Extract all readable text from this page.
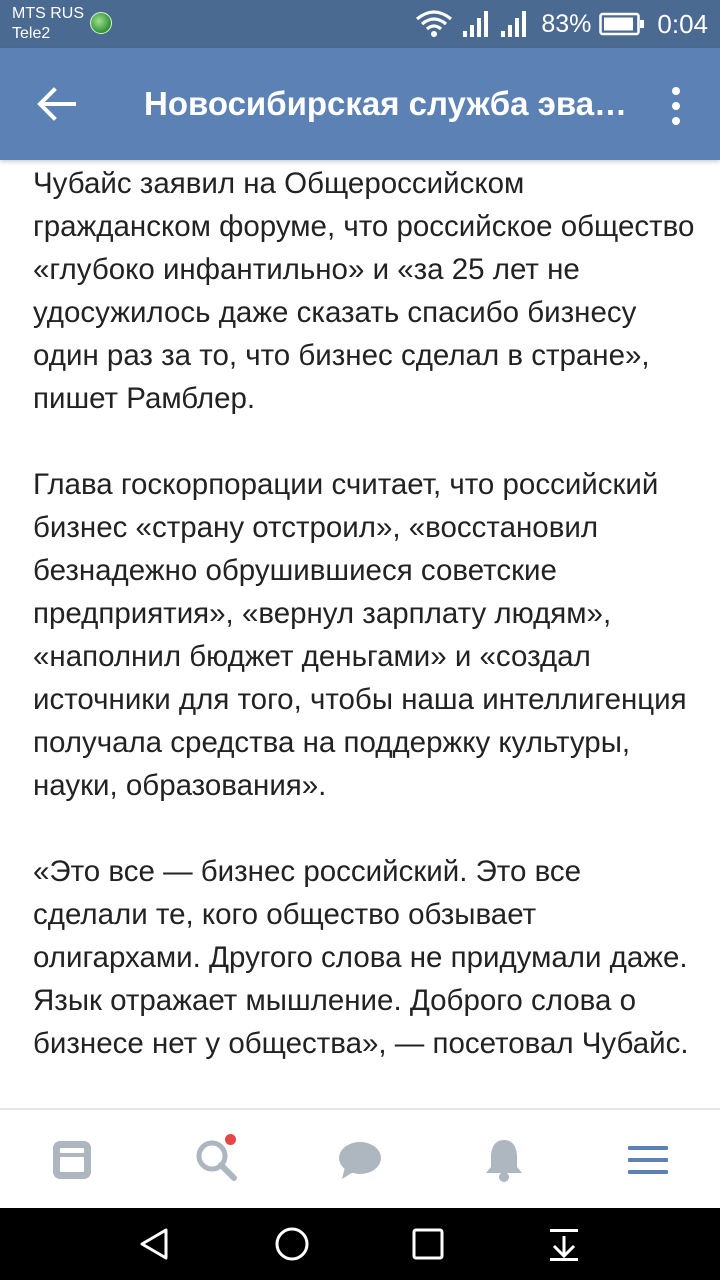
MTS RUS
Tele2	83%	0:04
Новосибирская служба эва…

Чубайс заявил на Общероссийском гражданском форуме, что российское общество «глубоко инфантильно» и «за 25 лет не удосужилось даже сказать спасибо бизнесу один раз за то, что бизнес сделал в стране», пишет Рамблер.

Глава госкорпорации считает, что российский бизнес «страну отстроил», «восстановил безнадежно обрушившиеся советские предприятия», «вернул зарплату людям», «наполнил бюджет деньгами» и «создал источники для того, чтобы наша интеллигенция получала средства на поддержку культуры, науки, образования».

«Это все — бизнес российский. Это все сделали те, кого общество обзывает олигархами. Другого слова не придумали даже. Язык отражает мышление. Доброго слова о бизнесе нет у общества», — посетовал Чубайс.
